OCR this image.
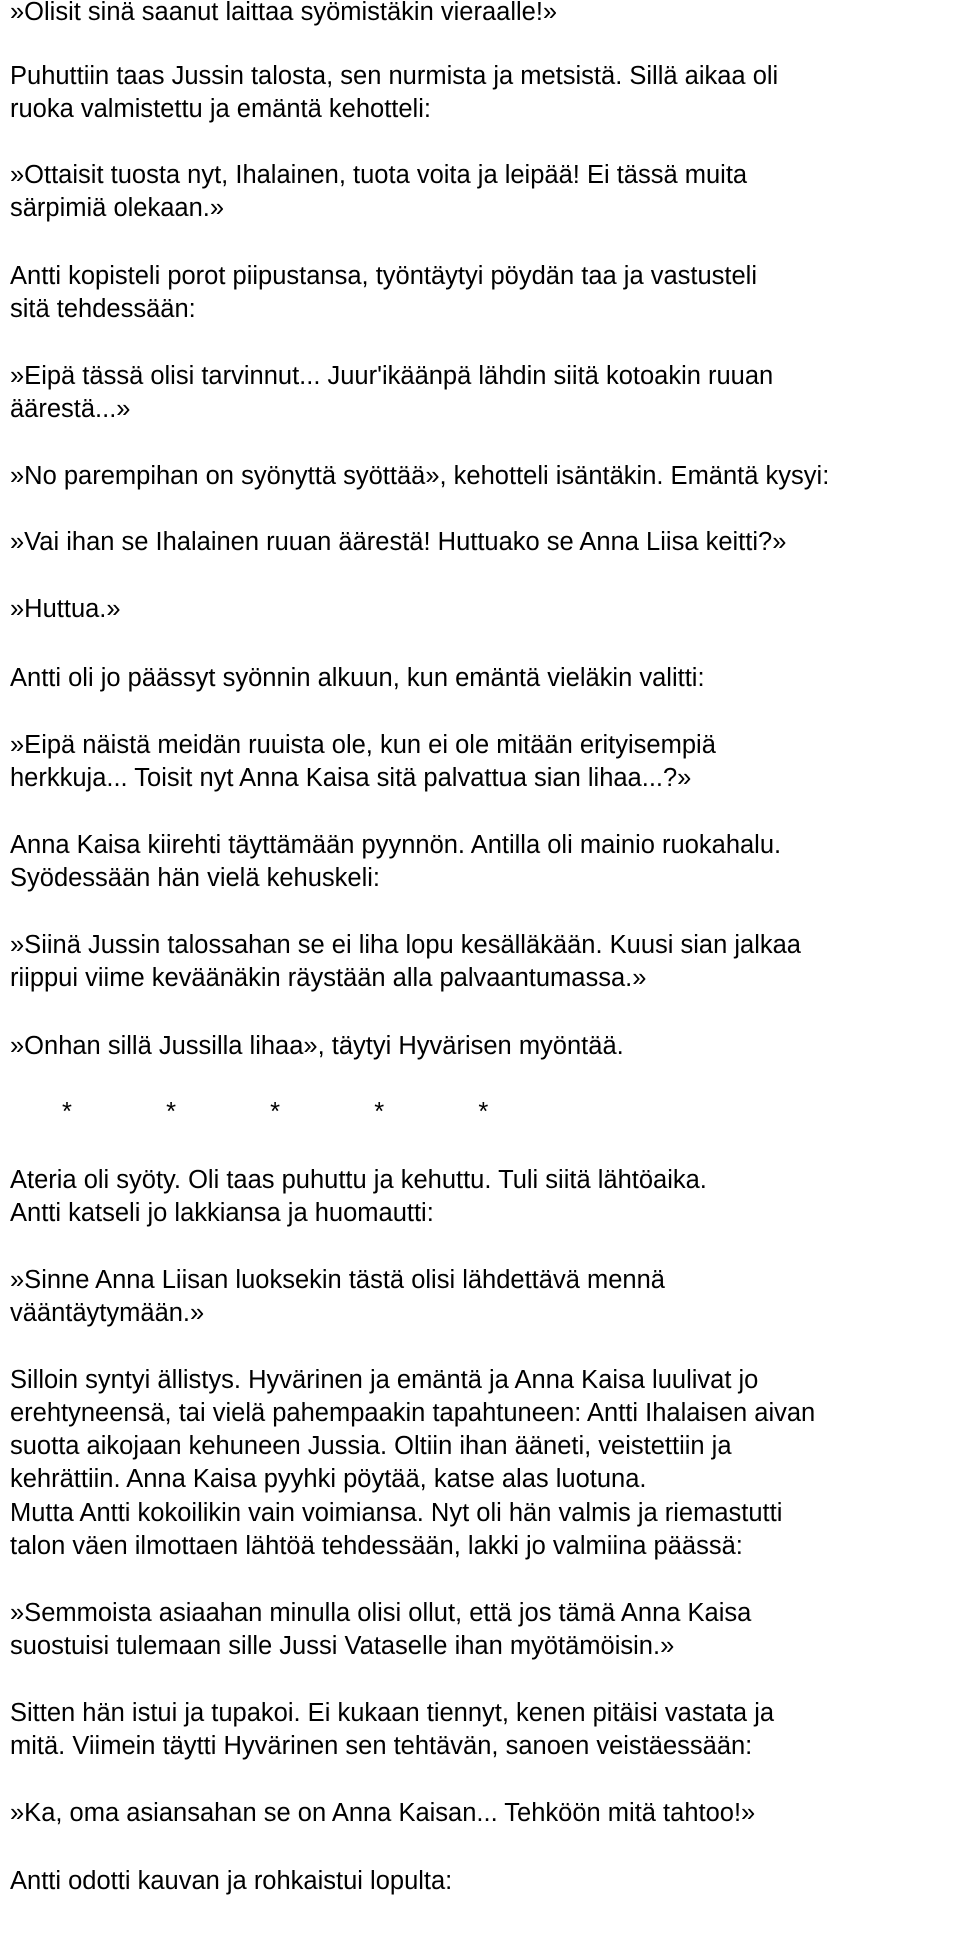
»Olisit sinä saanut laittaa syömistäkin vieraalle!»
Puhuttiin taas Jussin talosta, sen nurmista ja metsistä. Sillä aikaa oli
ruoka valmistettu ja emäntä kehotteli:
»Ottaisit tuosta nyt, Ihalainen, tuota voita ja leipää! Ei tässä muita
särpimiä olekaan.»
Antti kopisteli porot piipustansa, työntäytyi pöydän taa ja vastusteli
sitä tehdessään:
»Eipä tässä olisi tarvinnut... Juur'ikäänpä lähdin siitä kotoakin ruuan
äärestä...»
»No parempihan on syönyttä syöttää», kehotteli isäntäkin. Emäntä kysyi:
»Vai ihan se Ihalainen ruuan äärestä! Huttuako se Anna Liisa keitti?»
»Huttua.»
Antti oli jo päässyt syönnin alkuun, kun emäntä vieläkin valitti:
»Eipä näistä meidän ruuista ole, kun ei ole mitään erityisempiä
herkkuja... Toisit nyt Anna Kaisa sitä palvattua sian lihaa...?»
Anna Kaisa kiirehti täyttämään pyynnön. Antilla oli mainio ruokahalu.
Syödessään hän vielä kehuskeli:
»Siinä Jussin talossahan se ei liha lopu kesälläkään. Kuusi sian jalkaa
riippui viime keväänäkin räystään alla palvaantumassa.»
»Onhan sillä Jussilla lihaa», täytyi Hyvärisen myöntää.
*  *  *  *  *
Ateria oli syöty. Oli taas puhuttu ja kehuttu. Tuli siitä lähtöaika.
Antti katseli jo lakkiansa ja huomautti:
»Sinne Anna Liisan luoksekin tästä olisi lähdettävä mennä
vääntäytymään.»
Silloin syntyi ällistys. Hyvärinen ja emäntä ja Anna Kaisa luulivat jo
erehtyneensä, tai vielä pahempaakin tapahtuneen: Antti Ihalaisen aivan
suotta aikojaan kehuneen Jussia. Oltiin ihan ääneti, veistettiin ja
kehrättiin. Anna Kaisa pyyhki pöytää, katse alas luotuna.
Mutta Antti kokoilikin vain voimiansa. Nyt oli hän valmis ja riemastutti
talon väen ilmottaen lähtöä tehdessään, lakki jo valmiina päässä:
»Semmoista asiaahan minulla olisi ollut, että jos tämä Anna Kaisa
suostuisi tulemaan sille Jussi Vataselle ihan myötämöisin.»
Sitten hän istui ja tupakoi. Ei kukaan tiennyt, kenen pitäisi vastata ja
mitä. Viimein täytti Hyvärinen sen tehtävän, sanoen veistäessään:
»Ka, oma asiansahan se on Anna Kaisan... Tehköön mitä tahtoo!»
Antti odotti kauvan ja rohkaistui lopulta:
